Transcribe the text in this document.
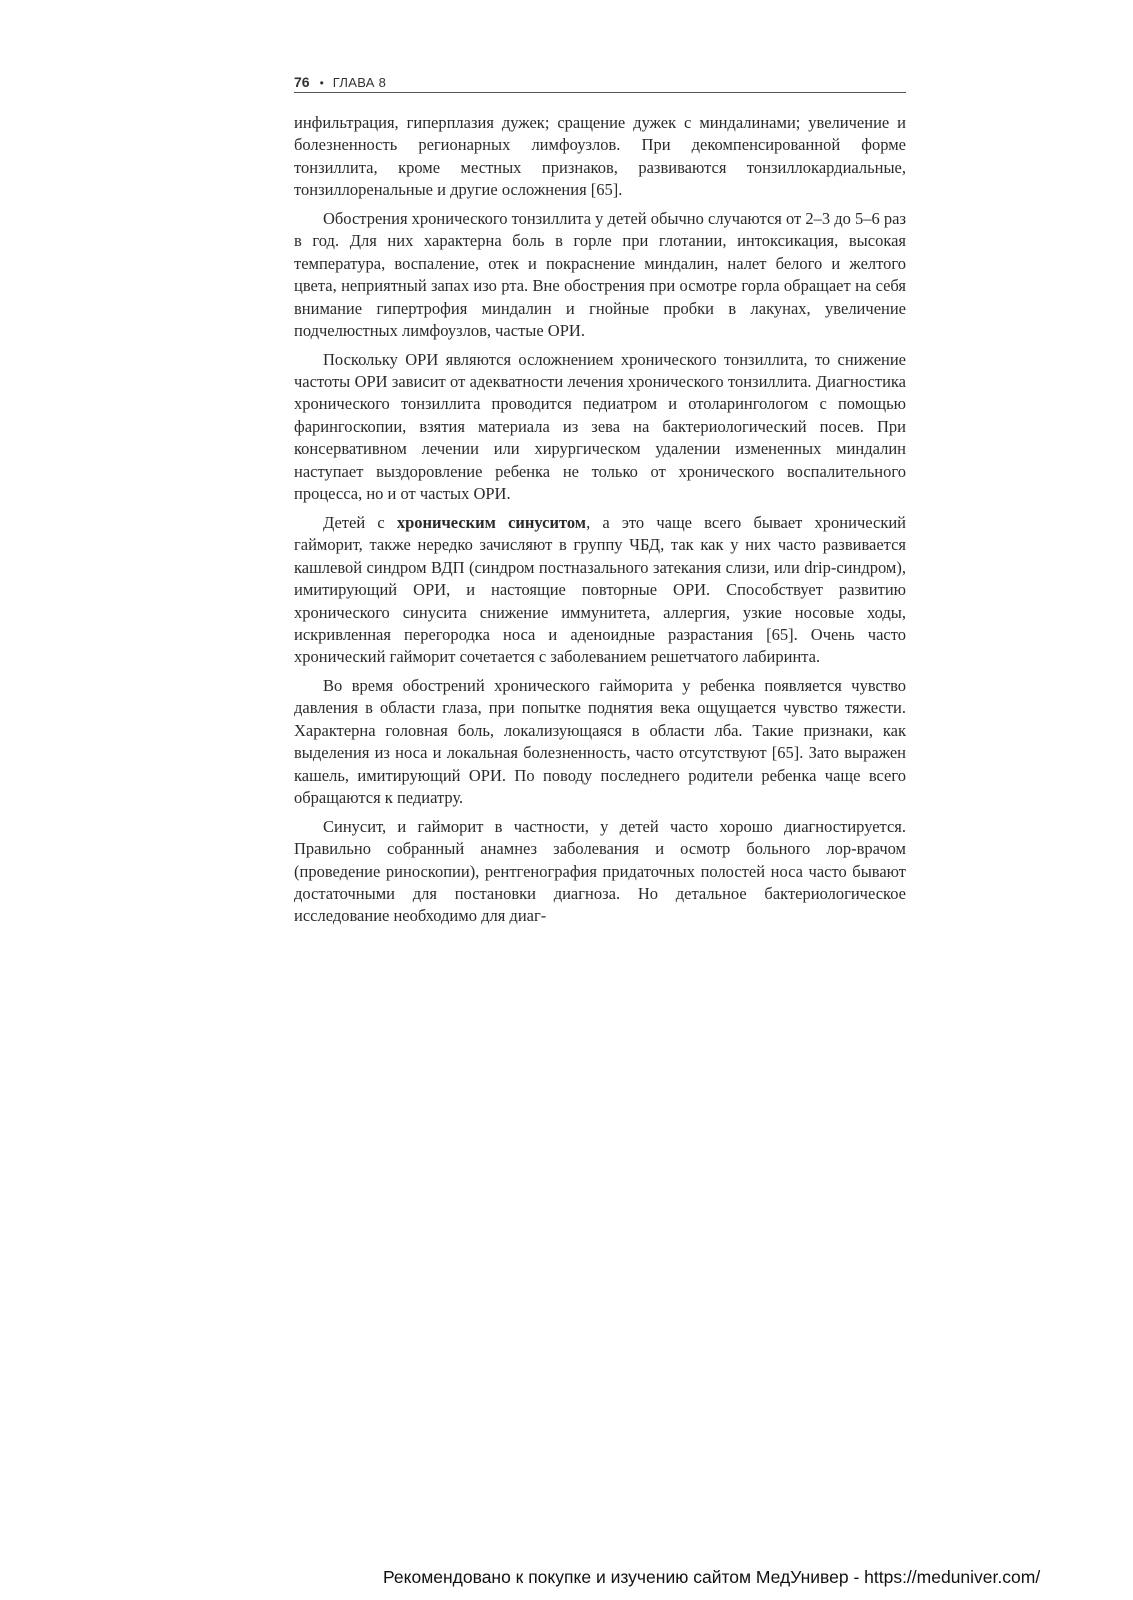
76 • ГЛАВА 8

инфильтрация, гиперплазия дужек; сращение дужек с миндалинами; увеличение и болезненность регионарных лимфоузлов. При декомпенсированной форме тонзиллита, кроме местных признаков, развиваются тонзиллокардиальные, тонзиллоренальные и другие осложнения [65].

Обострения хронического тонзиллита у детей обычно случаются от 2–3 до 5–6 раз в год. Для них характерна боль в горле при глотании, интоксикация, высокая температура, воспаление, отек и покраснение миндалин, налет белого и желтого цвета, неприятный запах изо рта. Вне обострения при осмотре горла обращает на себя внимание гипертрофия миндалин и гнойные пробки в лакунах, увеличение подчелюстных лимфоузлов, частые ОРИ.

Поскольку ОРИ являются осложнением хронического тонзиллита, то снижение частоты ОРИ зависит от адекватности лечения хронического тонзиллита. Диагностика хронического тонзиллита проводится педиатром и отоларингологом с помощью фарингоскопии, взятия материала из зева на бактериологический посев. При консервативном лечении или хирургическом удалении измененных миндалин наступает выздоровление ребенка не только от хронического воспалительного процесса, но и от частых ОРИ.

Детей с хроническим синуситом, а это чаще всего бывает хронический гайморит, также нередко зачисляют в группу ЧБД, так как у них часто развивается кашлевой синдром ВДП (синдром постназального затекания слизи, или drip-синдром), имитирующий ОРИ, и настоящие повторные ОРИ. Способствует развитию хронического синусита снижение иммунитета, аллергия, узкие носовые ходы, искривленная перегородка носа и аденоидные разрастания [65]. Очень часто хронический гайморит сочетается с заболеванием решетчатого лабиринта.

Во время обострений хронического гайморита у ребенка появляется чувство давления в области глаза, при попытке поднятия века ощущается чувство тяжести. Характерна головная боль, локализующаяся в области лба. Такие признаки, как выделения из носа и локальная болезненность, часто отсутствуют [65]. Зато выражен кашель, имитирующий ОРИ. По поводу последнего родители ребенка чаще всего обращаются к педиатру.

Синусит, и гайморит в частности, у детей часто хорошо диагностируется. Правильно собранный анамнез заболевания и осмотр больного лор-врачом (проведение риноскопии), рентгенография придаточных полостей носа часто бывают достаточными для постановки диагноза. Но детальное бактериологическое исследование необходимо для диаг-

Рекомендовано к покупке и изучению сайтом МедУнивер - https://meduniver.com/
